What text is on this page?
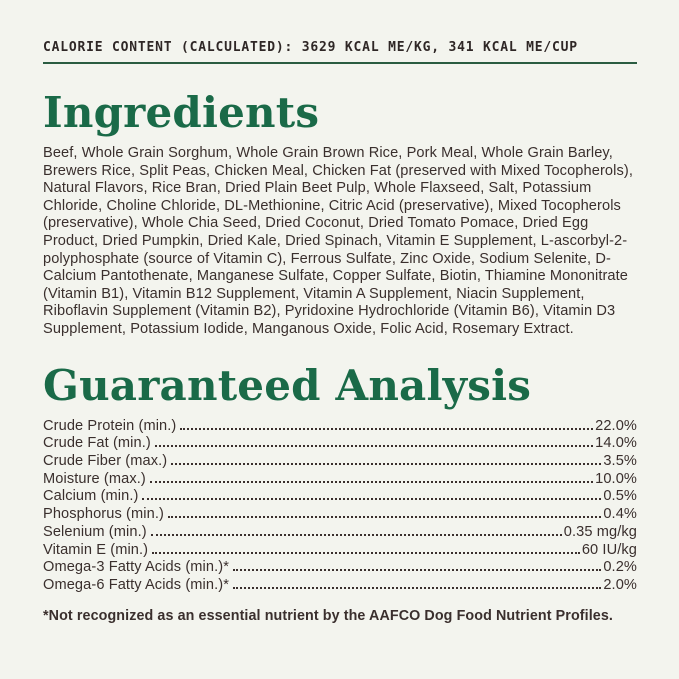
CALORIE CONTENT (CALCULATED): 3629 KCAL ME/KG, 341 KCAL ME/CUP
Ingredients

Beef, Whole Grain Sorghum, Whole Grain Brown Rice, Pork Meal, Whole Grain Barley, Brewers Rice, Split Peas, Chicken Meal, Chicken Fat (preserved with Mixed Tocopherols), Natural Flavors, Rice Bran, Dried Plain Beet Pulp, Whole Flaxseed, Salt, Potassium Chloride, Choline Chloride, DL-Methionine, Citric Acid (preservative), Mixed Tocopherols (preservative), Whole Chia Seed, Dried Coconut, Dried Tomato Pomace, Dried Egg Product, Dried Pumpkin, Dried Kale, Dried Spinach, Vitamin E Supplement, L-ascorbyl-2-polyphosphate (source of Vitamin C), Ferrous Sulfate, Zinc Oxide, Sodium Selenite, D-Calcium Pantothenate, Manganese Sulfate, Copper Sulfate, Biotin, Thiamine Mononitrate (Vitamin B1), Vitamin B12 Supplement, Vitamin A Supplement, Niacin Supplement, Riboflavin Supplement (Vitamin B2), Pyridoxine Hydrochloride (Vitamin B6), Vitamin D3 Supplement, Potassium Iodide, Manganous Oxide, Folic Acid, Rosemary Extract.

Guaranteed Analysis
Crude Protein (min.)	22.0%
Crude Fat (min.)	14.0%
Crude Fiber (max.)	3.5%
Moisture (max.)	10.0%
Calcium (min.)	0.5%
Phosphorus (min.)	0.4%
Selenium (min.)	0.35 mg/kg
Vitamin E (min.)	60 IU/kg
Omega-3 Fatty Acids (min.)*	0.2%
Omega-6 Fatty Acids (min.)*	2.0%
*Not recognized as an essential nutrient by the AAFCO Dog Food Nutrient Profiles.
